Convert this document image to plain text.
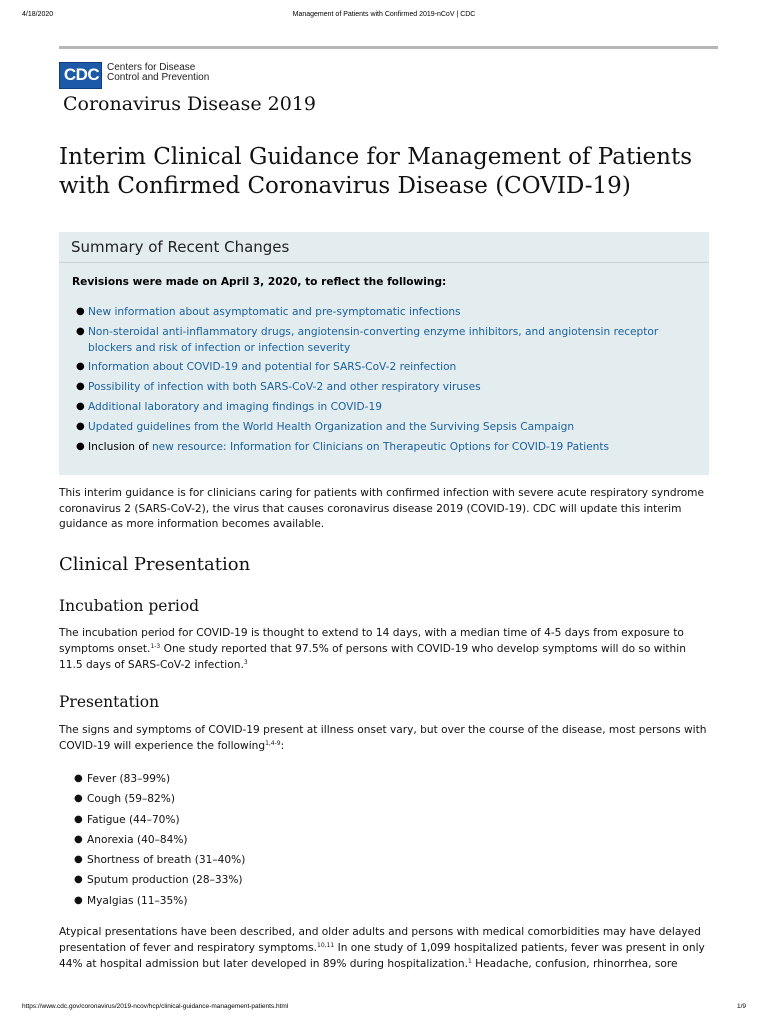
4/18/2020	Management of Patients with Confirmed 2019-nCoV | CDC
CDC Centers for Disease
Control and Prevention
Coronavirus Disease 2019
Interim Clinical Guidance for Management of Patients with Confirmed Coronavirus Disease (COVID-19)
Summary of Recent Changes
Revisions were made on April 3, 2020, to reflect the following:
● New information about asymptomatic and pre-symptomatic infections
● Non-steroidal anti-inflammatory drugs, angiotensin-converting enzyme inhibitors, and angiotensin receptor blockers and risk of infection or infection severity
● Information about COVID-19 and potential for SARS-CoV-2 reinfection
● Possibility of infection with both SARS-CoV-2 and other respiratory viruses
● Additional laboratory and imaging findings in COVID-19
● Updated guidelines from the World Health Organization and the Surviving Sepsis Campaign
● Inclusion of new resource: Information for Clinicians on Therapeutic Options for COVID-19 Patients

This interim guidance is for clinicians caring for patients with confirmed infection with severe acute respiratory syndrome coronavirus 2 (SARS-CoV-2), the virus that causes coronavirus disease 2019 (COVID-19). CDC will update this interim guidance as more information becomes available.

Clinical Presentation
Incubation period

The incubation period for COVID-19 is thought to extend to 14 days, with a median time of 4-5 days from exposure to symptoms onset.$^{1-3}$ One study reported that 97.5% of persons with COVID-19 who develop symptoms will do so within 11.5 days of SARS-CoV-2 infection.$^3$

Presentation

The signs and symptoms of COVID-19 present at illness onset vary, but over the course of the disease, most persons with COVID-19 will experience the following$^{1,4-9}$:

● Fever (83–99%)
● Cough (59–82%)
● Fatigue (44–70%)
● Anorexia (40–84%)
● Shortness of breath (31–40%)
● Sputum production (28–33%)
● Myalgias (11–35%)

Atypical presentations have been described, and older adults and persons with medical comorbidities may have delayed presentation of fever and respiratory symptoms.$^{10,11}$ In one study of 1,099 hospitalized patients, fever was present in only 44% at hospital admission but later developed in 89% during hospitalization.$^1$ Headache, confusion, rhinorrhea, sore

https://www.cdc.gov/coronavirus/2019-ncov/hcp/clinical-guidance-management-patients.html	1/9
